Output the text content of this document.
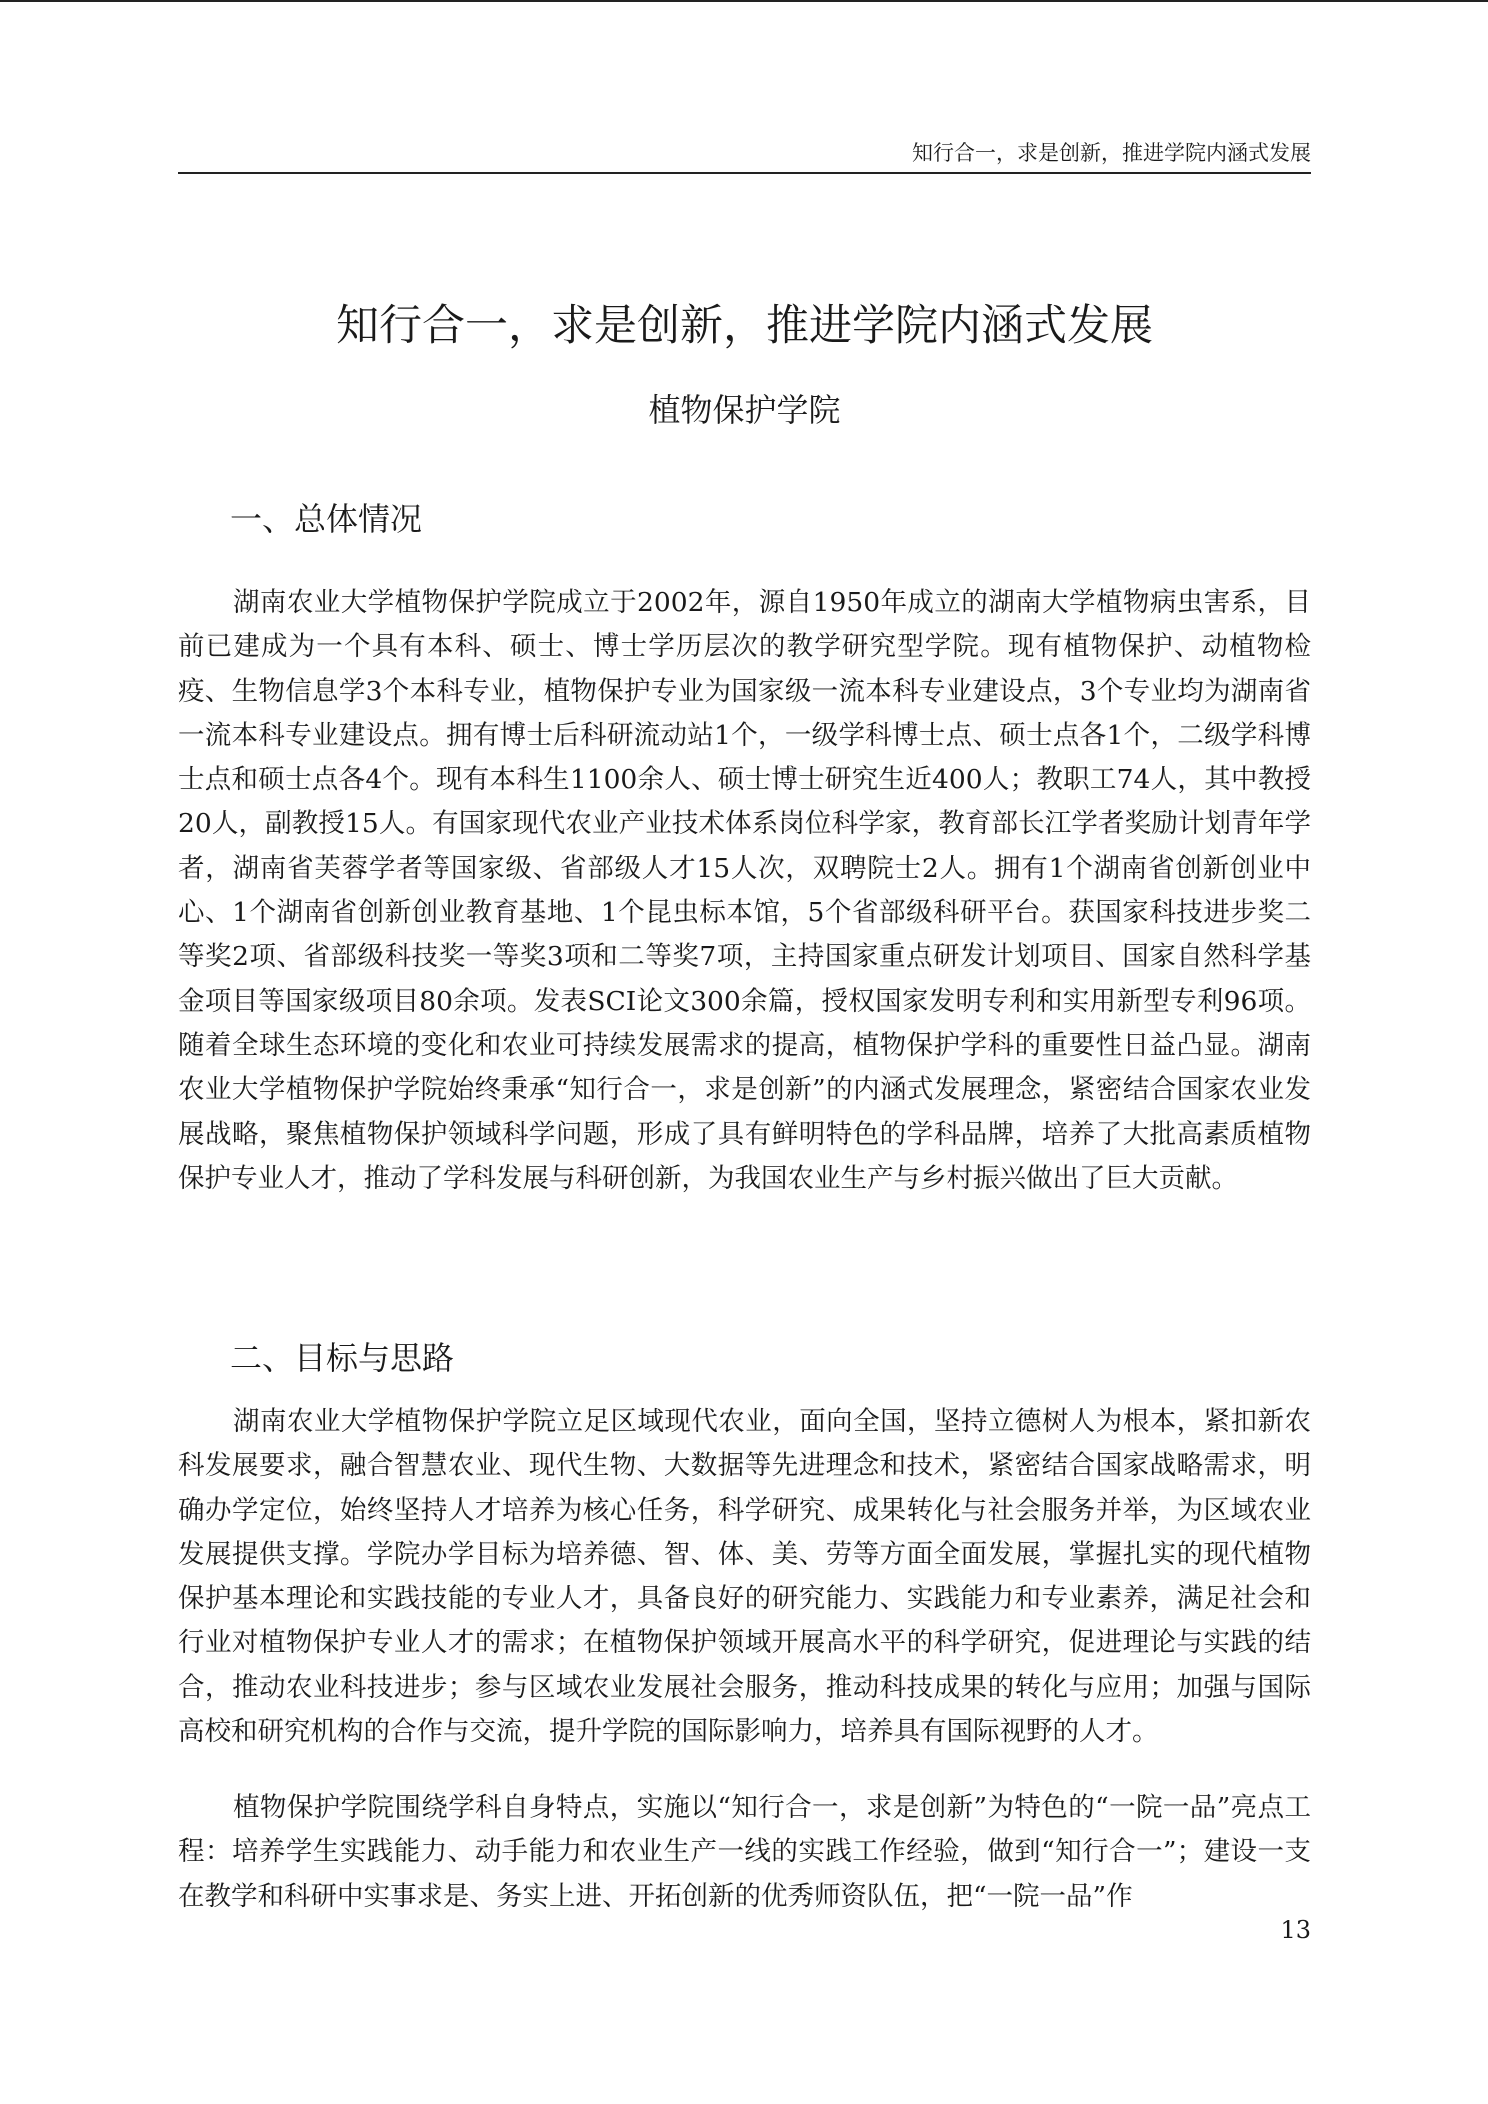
知行合一，求是创新，推进学院内涵式发展
知行合一，求是创新，推进学院内涵式发展
植物保护学院
一、总体情况

湖南农业大学植物保护学院成立于2002年，源自1950年成立的湖南大学植物病虫害系，目前已建成为一个具有本科、硕士、博士学历层次的教学研究型学院。现有植物保护、动植物检疫、生物信息学3个本科专业，植物保护专业为国家级一流本科专业建设点，3个专业均为湖南省一流本科专业建设点。拥有博士后科研流动站1个，一级学科博士点、硕士点各1个，二级学科博士点和硕士点各4个。现有本科生1100余人、硕士博士研究生近400人；教职工74人，其中教授20人，副教授15人。有国家现代农业产业技术体系岗位科学家，教育部长江学者奖励计划青年学者，湖南省芙蓉学者等国家级、省部级人才15人次，双聘院士2人。拥有1个湖南省创新创业中心、1个湖南省创新创业教育基地、1个昆虫标本馆，5个省部级科研平台。获国家科技进步奖二等奖2项、省部级科技奖一等奖3项和二等奖7项，主持国家重点研发计划项目、国家自然科学基金项目等国家级项目80余项。发表SCI论文300余篇，授权国家发明专利和实用新型专利96项。随着全球生态环境的变化和农业可持续发展需求的提高，植物保护学科的重要性日益凸显。湖南农业大学植物保护学院始终秉承“知行合一，求是创新”的内涵式发展理念，紧密结合国家农业发展战略，聚焦植物保护领域科学问题，形成了具有鲜明特色的学科品牌，培养了大批高素质植物保护专业人才，推动了学科发展与科研创新，为我国农业生产与乡村振兴做出了巨大贡献。

二、目标与思路

湖南农业大学植物保护学院立足区域现代农业，面向全国，坚持立德树人为根本，紧扣新农科发展要求，融合智慧农业、现代生物、大数据等先进理念和技术，紧密结合国家战略需求，明确办学定位，始终坚持人才培养为核心任务，科学研究、成果转化与社会服务并举，为区域农业发展提供支撑。学院办学目标为培养德、智、体、美、劳等方面全面发展，掌握扎实的现代植物保护基本理论和实践技能的专业人才，具备良好的研究能力、实践能力和专业素养，满足社会和行业对植物保护专业人才的需求；在植物保护领域开展高水平的科学研究，促进理论与实践的结合，推动农业科技进步；参与区域农业发展社会服务，推动科技成果的转化与应用；加强与国际高校和研究机构的合作与交流，提升学院的国际影响力，培养具有国际视野的人才。

植物保护学院围绕学科自身特点，实施以“知行合一，求是创新”为特色的“一院一品”亮点工程：培养学生实践能力、动手能力和农业生产一线的实践工作经验，做到“知行合一”；建设一支在教学和科研中实事求是、务实上进、开拓创新的优秀师资队伍，把“一院一品”作

13
